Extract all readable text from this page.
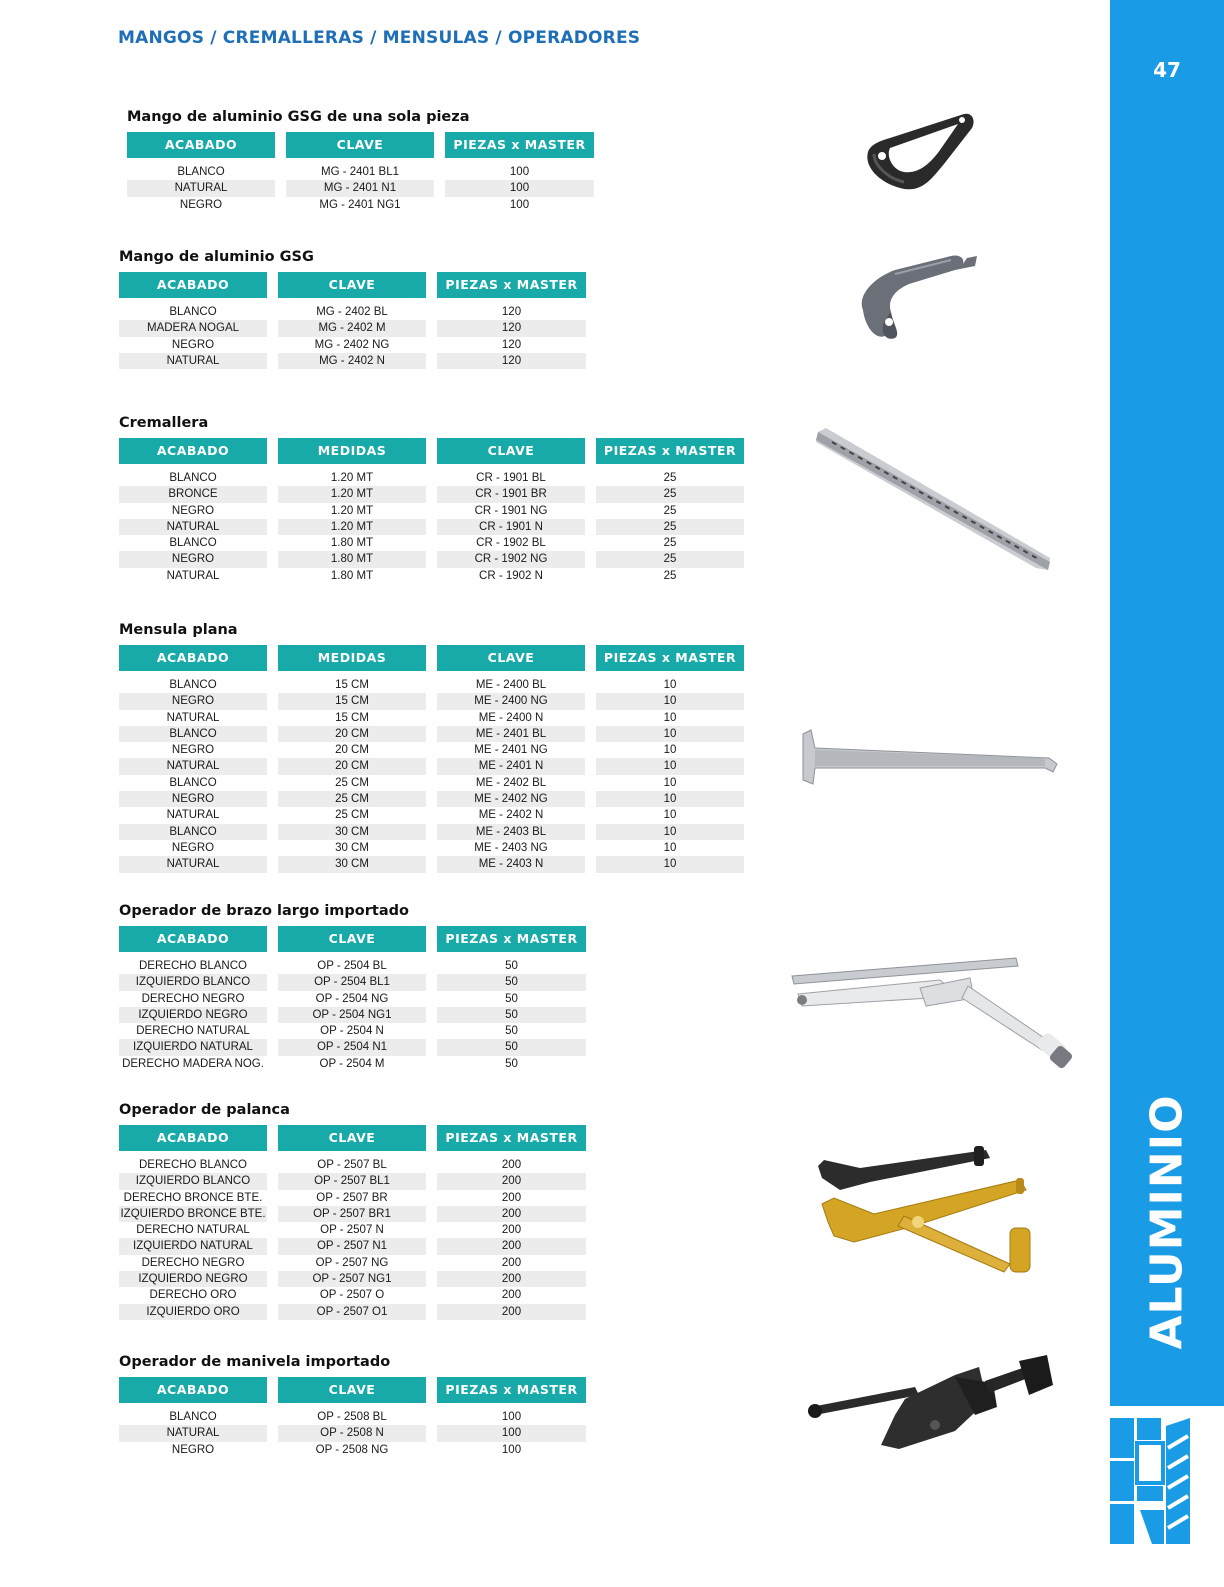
MANGOS / CREMALLERAS / MENSULAS / OPERADORES
47
ALUMINIO
Mango de aluminio GSG de una sola pieza
ACABADO	CLAVE	PIEZAS x MASTER
BLANCO	MG - 2401 BL1	100
NATURAL	MG - 2401 N1	100
NEGRO	MG - 2401 NG1	100
Mango de aluminio GSG
ACABADO	CLAVE	PIEZAS x MASTER
BLANCO	MG - 2402 BL	120
MADERA NOGAL	MG - 2402 M	120
NEGRO	MG - 2402 NG	120
NATURAL	MG - 2402 N	120
Cremallera
ACABADO	MEDIDAS	CLAVE	PIEZAS x MASTER
BLANCO	1.20 MT	CR - 1901 BL	25
BRONCE	1.20 MT	CR - 1901 BR	25
NEGRO	1.20 MT	CR - 1901 NG	25
NATURAL	1.20 MT	CR - 1901 N	25
BLANCO	1.80 MT	CR - 1902 BL	25
NEGRO	1.80 MT	CR - 1902 NG	25
NATURAL	1.80 MT	CR - 1902 N	25
Mensula plana
ACABADO	MEDIDAS	CLAVE	PIEZAS x MASTER
BLANCO	15 CM	ME - 2400 BL	10
NEGRO	15 CM	ME - 2400 NG	10
NATURAL	15 CM	ME - 2400 N	10
BLANCO	20 CM	ME - 2401 BL	10
NEGRO	20 CM	ME - 2401 NG	10
NATURAL	20 CM	ME - 2401 N	10
BLANCO	25 CM	ME - 2402 BL	10
NEGRO	25 CM	ME - 2402 NG	10
NATURAL	25 CM	ME - 2402 N	10
BLANCO	30 CM	ME - 2403 BL	10
NEGRO	30 CM	ME - 2403 NG	10
NATURAL	30 CM	ME - 2403 N	10
Operador de brazo largo importado
ACABADO	CLAVE	PIEZAS x MASTER
DERECHO BLANCO	OP - 2504 BL	50
IZQUIERDO BLANCO	OP - 2504 BL1	50
DERECHO NEGRO	OP - 2504 NG	50
IZQUIERDO NEGRO	OP - 2504 NG1	50
DERECHO NATURAL	OP - 2504 N	50
IZQUIERDO NATURAL	OP - 2504 N1	50
DERECHO MADERA NOG.	OP - 2504 M	50
Operador de palanca
ACABADO	CLAVE	PIEZAS x MASTER
DERECHO BLANCO	OP - 2507 BL	200
IZQUIERDO BLANCO	OP - 2507 BL1	200
DERECHO BRONCE BTE.	OP - 2507 BR	200
IZQUIERDO BRONCE BTE.	OP - 2507 BR1	200
DERECHO NATURAL	OP - 2507 N	200
IZQUIERDO NATURAL	OP - 2507 N1	200
DERECHO NEGRO	OP - 2507 NG	200
IZQUIERDO NEGRO	OP - 2507 NG1	200
DERECHO ORO	OP - 2507 O	200
IZQUIERDO ORO	OP - 2507 O1	200
Operador de manivela importado
ACABADO	CLAVE	PIEZAS x MASTER
BLANCO	OP - 2508 BL	100
NATURAL	OP - 2508 N	100
NEGRO	OP - 2508 NG	100
